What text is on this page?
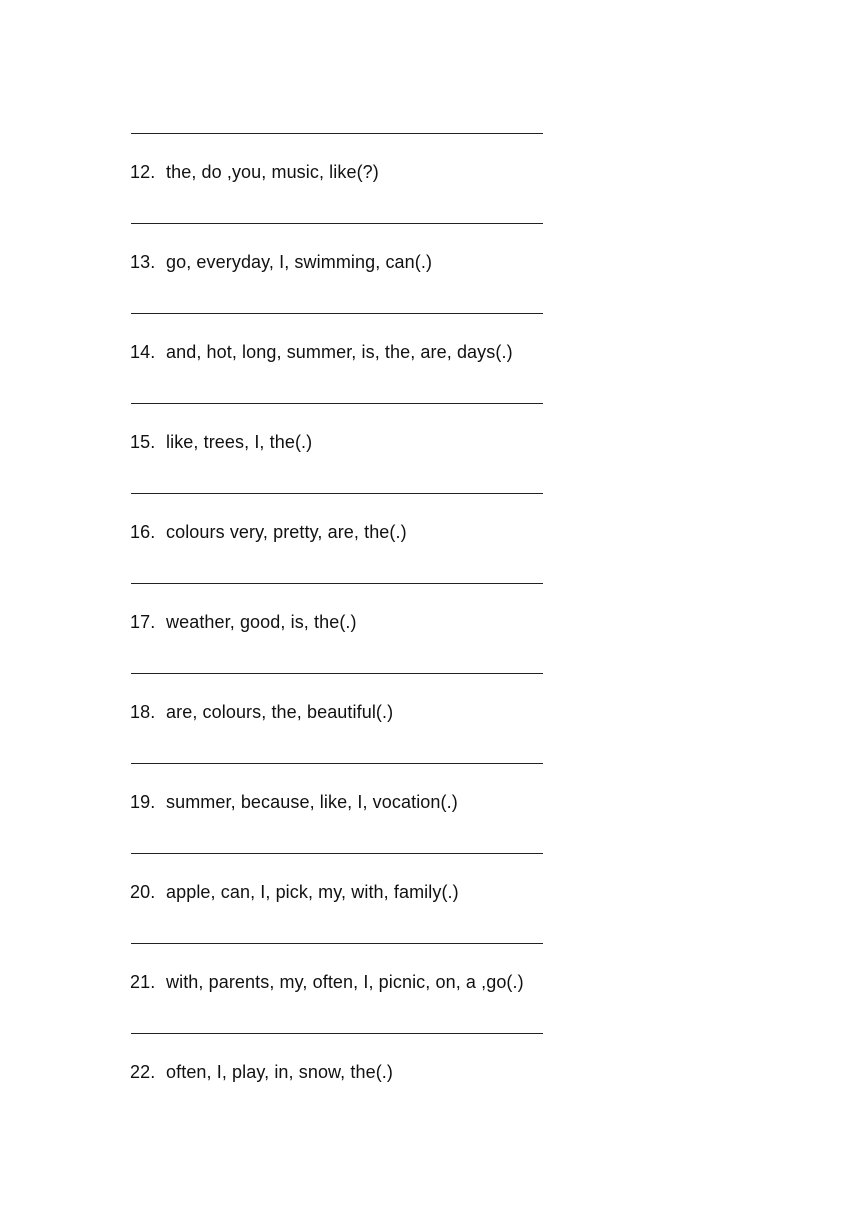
12. the, do ,you, music, like(?)
13. go, everyday, I, swimming, can(.)
14. and, hot, long, summer, is, the, are, days(.)
15. like, trees, I, the(.)
16. colours very, pretty, are, the(.)
17. weather, good, is, the(.)
18. are, colours, the, beautiful(.)
19. summer, because, like, I, vocation(.)
20. apple, can, I, pick, my, with, family(.)
21. with, parents, my, often, I, picnic, on, a ,go(.)
22. often, I, play, in, snow, the(.)
